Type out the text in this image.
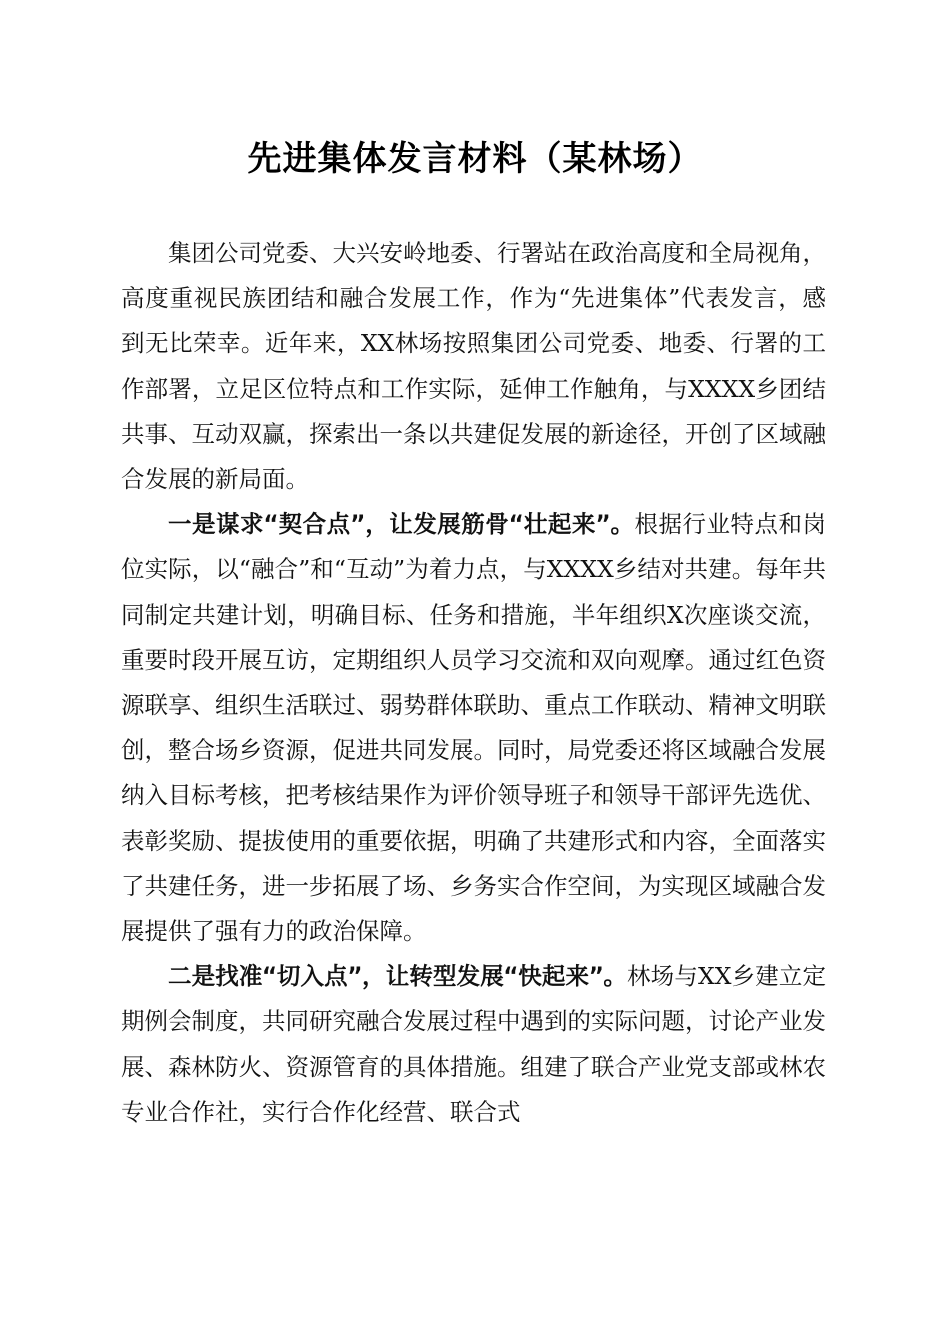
先进集体发言材料（某林场）

集团公司党委、大兴安岭地委、行署站在政治高度和全局视角，高度重视民族团结和融合发展工作，作为“先进集体”代表发言，感到无比荣幸。近年来，XX林场按照集团公司党委、地委、行署的工作部署，立足区位特点和工作实际，延伸工作触角，与XXXX乡团结共事、互动双赢，探索出一条以共建促发展的新途径，开创了区域融合发展的新局面。

一是谋求“契合点”，让发展筋骨“壮起来”。根据行业特点和岗位实际，以“融合”和“互动”为着力点，与XXXX乡结对共建。每年共同制定共建计划，明确目标、任务和措施，半年组织X次座谈交流，重要时段开展互访，定期组织人员学习交流和双向观摩。通过红色资源联享、组织生活联过、弱势群体联助、重点工作联动、精神文明联创，整合场乡资源，促进共同发展。同时，局党委还将区域融合发展纳入目标考核，把考核结果作为评价领导班子和领导干部评先选优、表彰奖励、提拔使用的重要依据，明确了共建形式和内容，全面落实了共建任务，进一步拓展了场、乡务实合作空间，为实现区域融合发展提供了强有力的政治保障。

二是找准“切入点”，让转型发展“快起来”。林场与XX乡建立定期例会制度，共同研究融合发展过程中遇到的实际问题，讨论产业发展、森林防火、资源管育的具体措施。组建了联合产业党支部或林农专业合作社，实行合作化经营、联合式
